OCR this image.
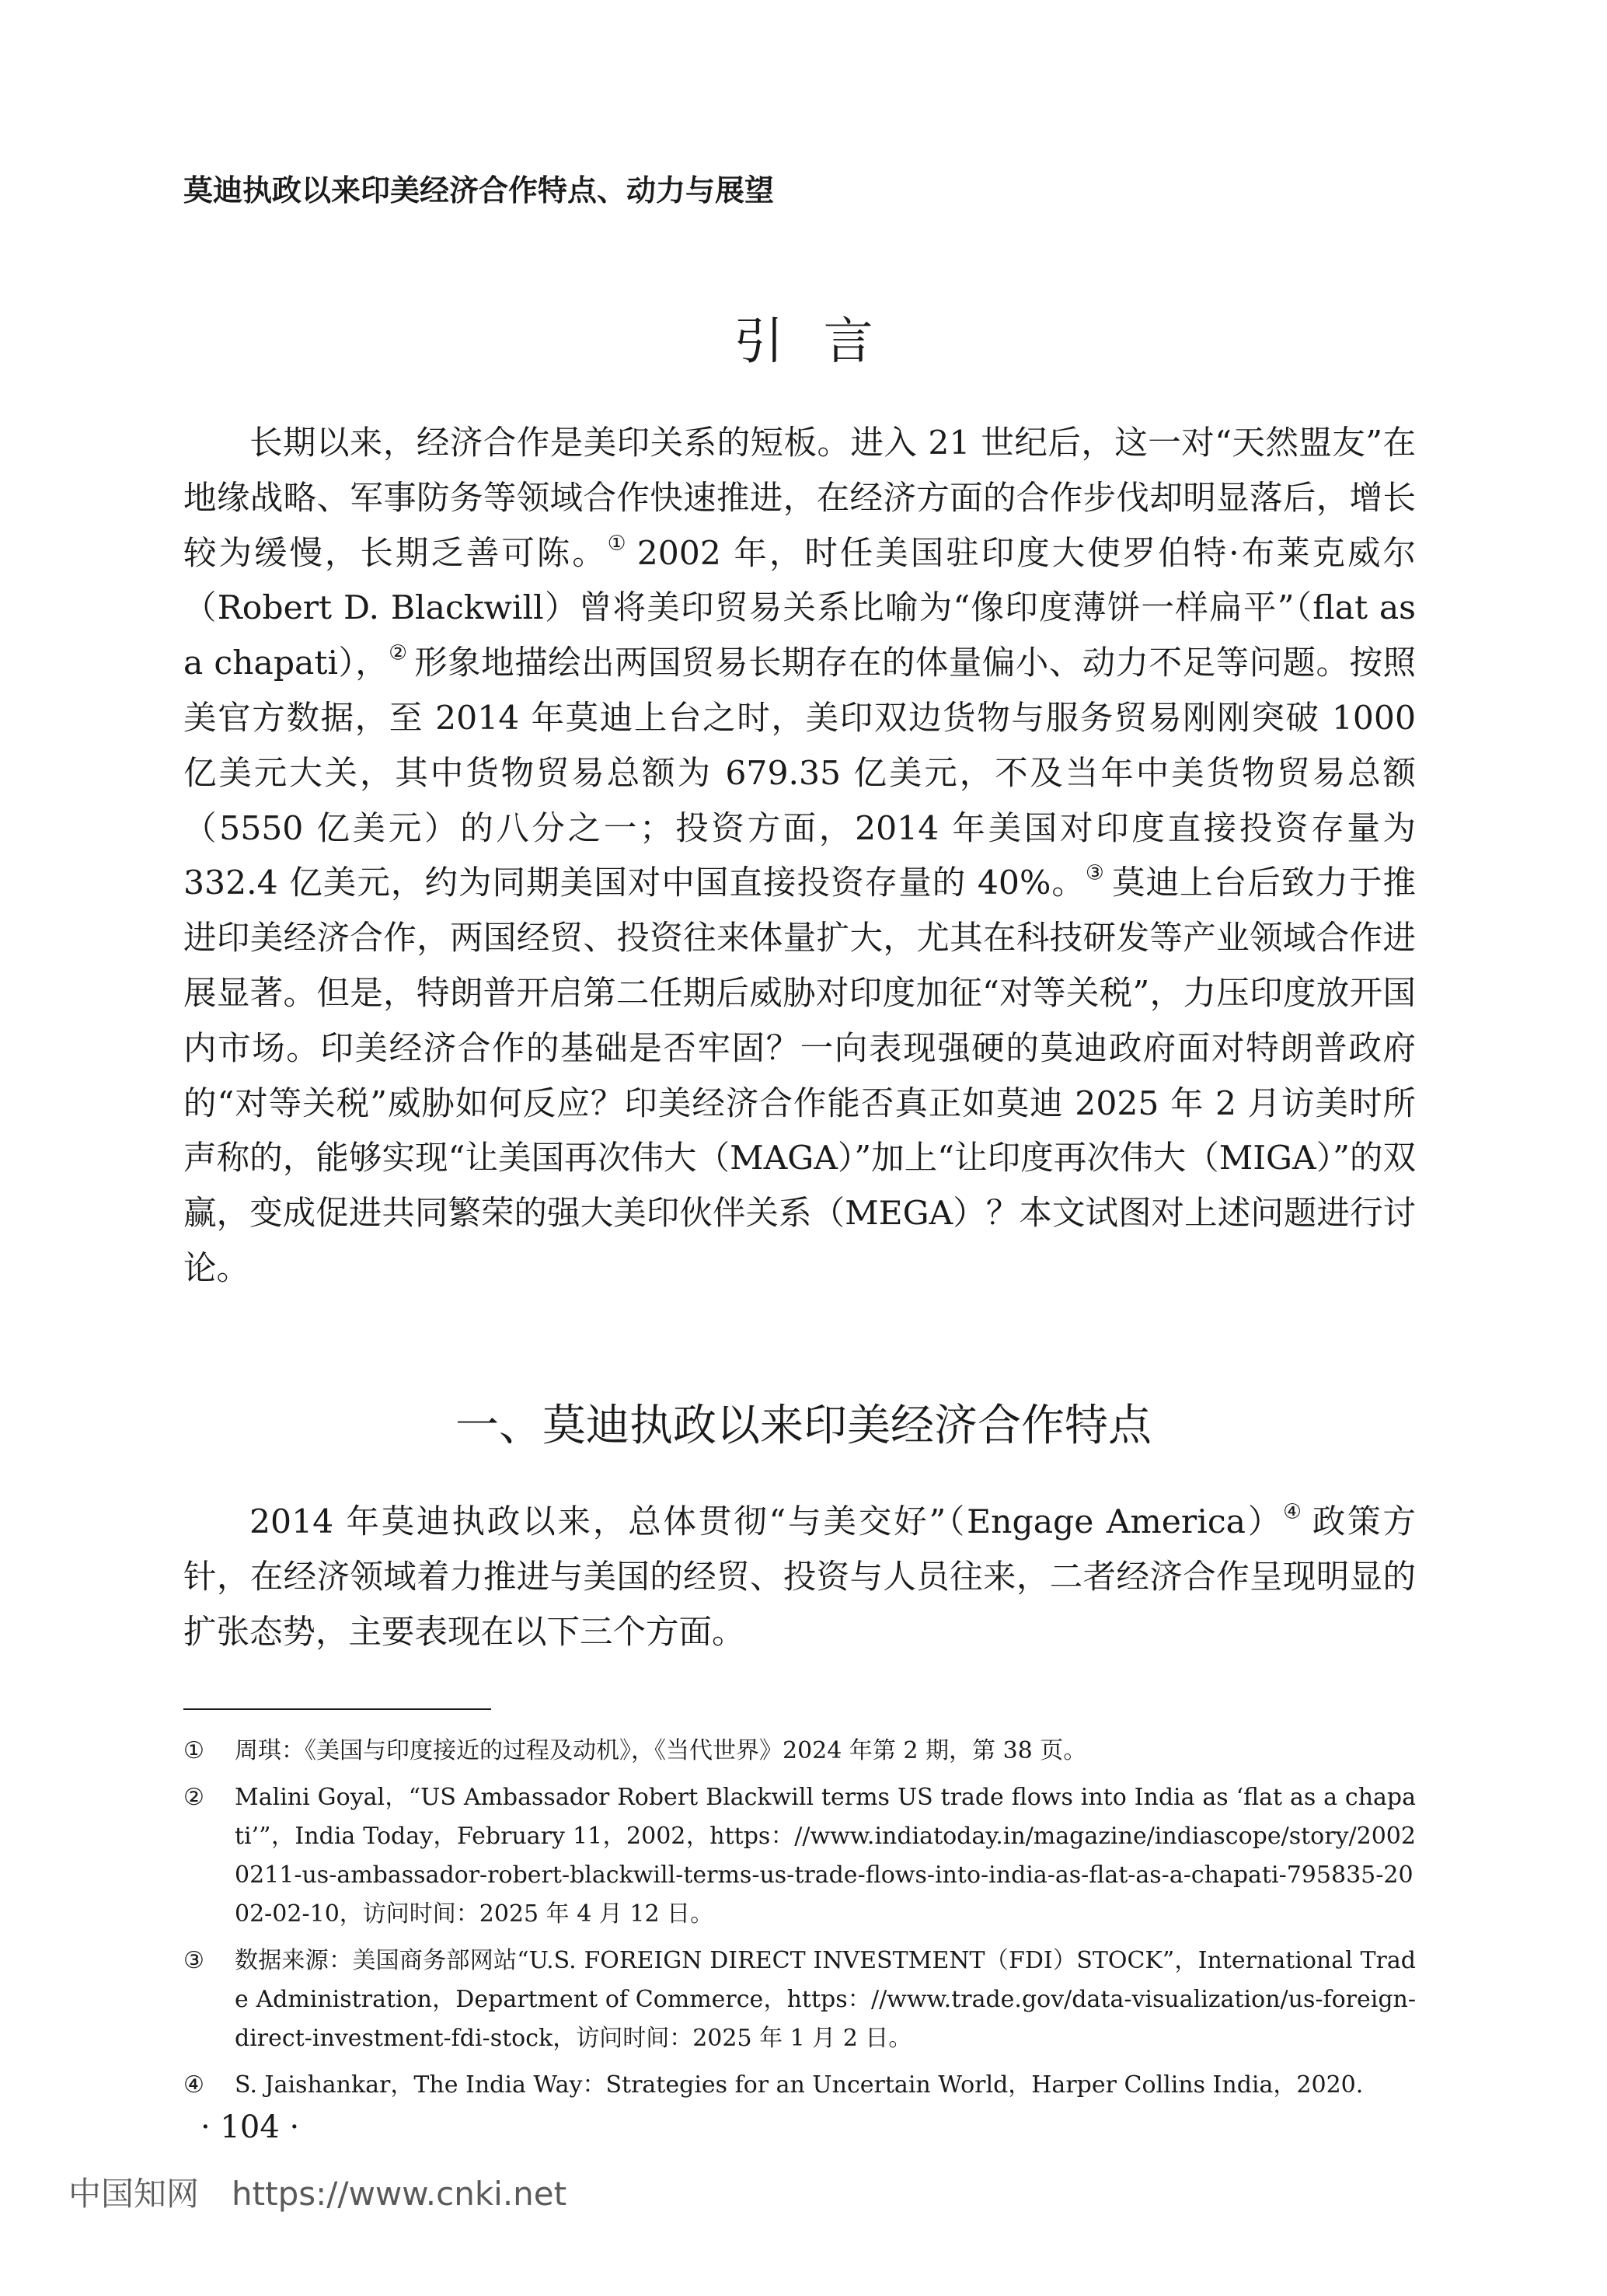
莫迪执政以来印美经济合作特点、动力与展望
引言

长期以来，经济合作是美印关系的短板。进入 21 世纪后，这一对“天然盟友”在地缘战略、军事防务等领域合作快速推进，在经济方面的合作步伐却明显落后，增长较为缓慢，长期乏善可陈。① 2002 年，时任美国驻印度大使罗伯特·布莱克威尔（Robert D. Blackwill）曾将美印贸易关系比喻为“像印度薄饼一样扁平”（flat as a chapati），② 形象地描绘出两国贸易长期存在的体量偏小、动力不足等问题。按照美官方数据，至 2014 年莫迪上台之时，美印双边货物与服务贸易刚刚突破 1000 亿美元大关，其中货物贸易总额为 679.35 亿美元，不及当年中美货物贸易总额（5550 亿美元）的八分之一；投资方面，2014 年美国对印度直接投资存量为 332.4 亿美元，约为同期美国对中国直接投资存量的 40%。③ 莫迪上台后致力于推进印美经济合作，两国经贸、投资往来体量扩大，尤其在科技研发等产业领域合作进展显著。但是，特朗普开启第二任期后威胁对印度加征“对等关税”，力压印度放开国内市场。印美经济合作的基础是否牢固？一向表现强硬的莫迪政府面对特朗普政府的“对等关税”威胁如何反应？印美经济合作能否真正如莫迪 2025 年 2 月访美时所声称的，能够实现“让美国再次伟大（MAGA）”加上“让印度再次伟大（MIGA）”的双赢，变成促进共同繁荣的强大美印伙伴关系（MEGA）？本文试图对上述问题进行讨论。

一、莫迪执政以来印美经济合作特点

2014 年莫迪执政以来，总体贯彻“与美交好”（Engage America）④ 政策方针，在经济领域着力推进与美国的经贸、投资与人员往来，二者经济合作呈现明显的扩张态势，主要表现在以下三个方面。

① 周琪：《美国与印度接近的过程及动机》，《当代世界》2024 年第 2 期，第 38 页。
② Malini Goyal，“US Ambassador Robert Blackwill terms US trade flows into India as ‘flat as a chapati’”，India Today，February 11，2002，https：//www.indiatoday.in/magazine/indiascope/story/20020211-us-ambassador-robert-blackwill-terms-us-trade-flows-into-india-as-flat-as-a-chapati-795835-2002-02-10，访问时间：2025 年 4 月 12 日。
③ 数据来源：美国商务部网站“U.S. FOREIGN DIRECT INVESTMENT（FDI）STOCK”，International Trade Administration，Department of Commerce，https：//www.trade.gov/data-visualization/us-foreign-direct-investment-fdi-stock，访问时间：2025 年 1 月 2 日。
④ S. Jaishankar，The India Way：Strategies for an Uncertain World，Harper Collins India，2020.
· 104 ·
中国知网 https://www.cnki.net
